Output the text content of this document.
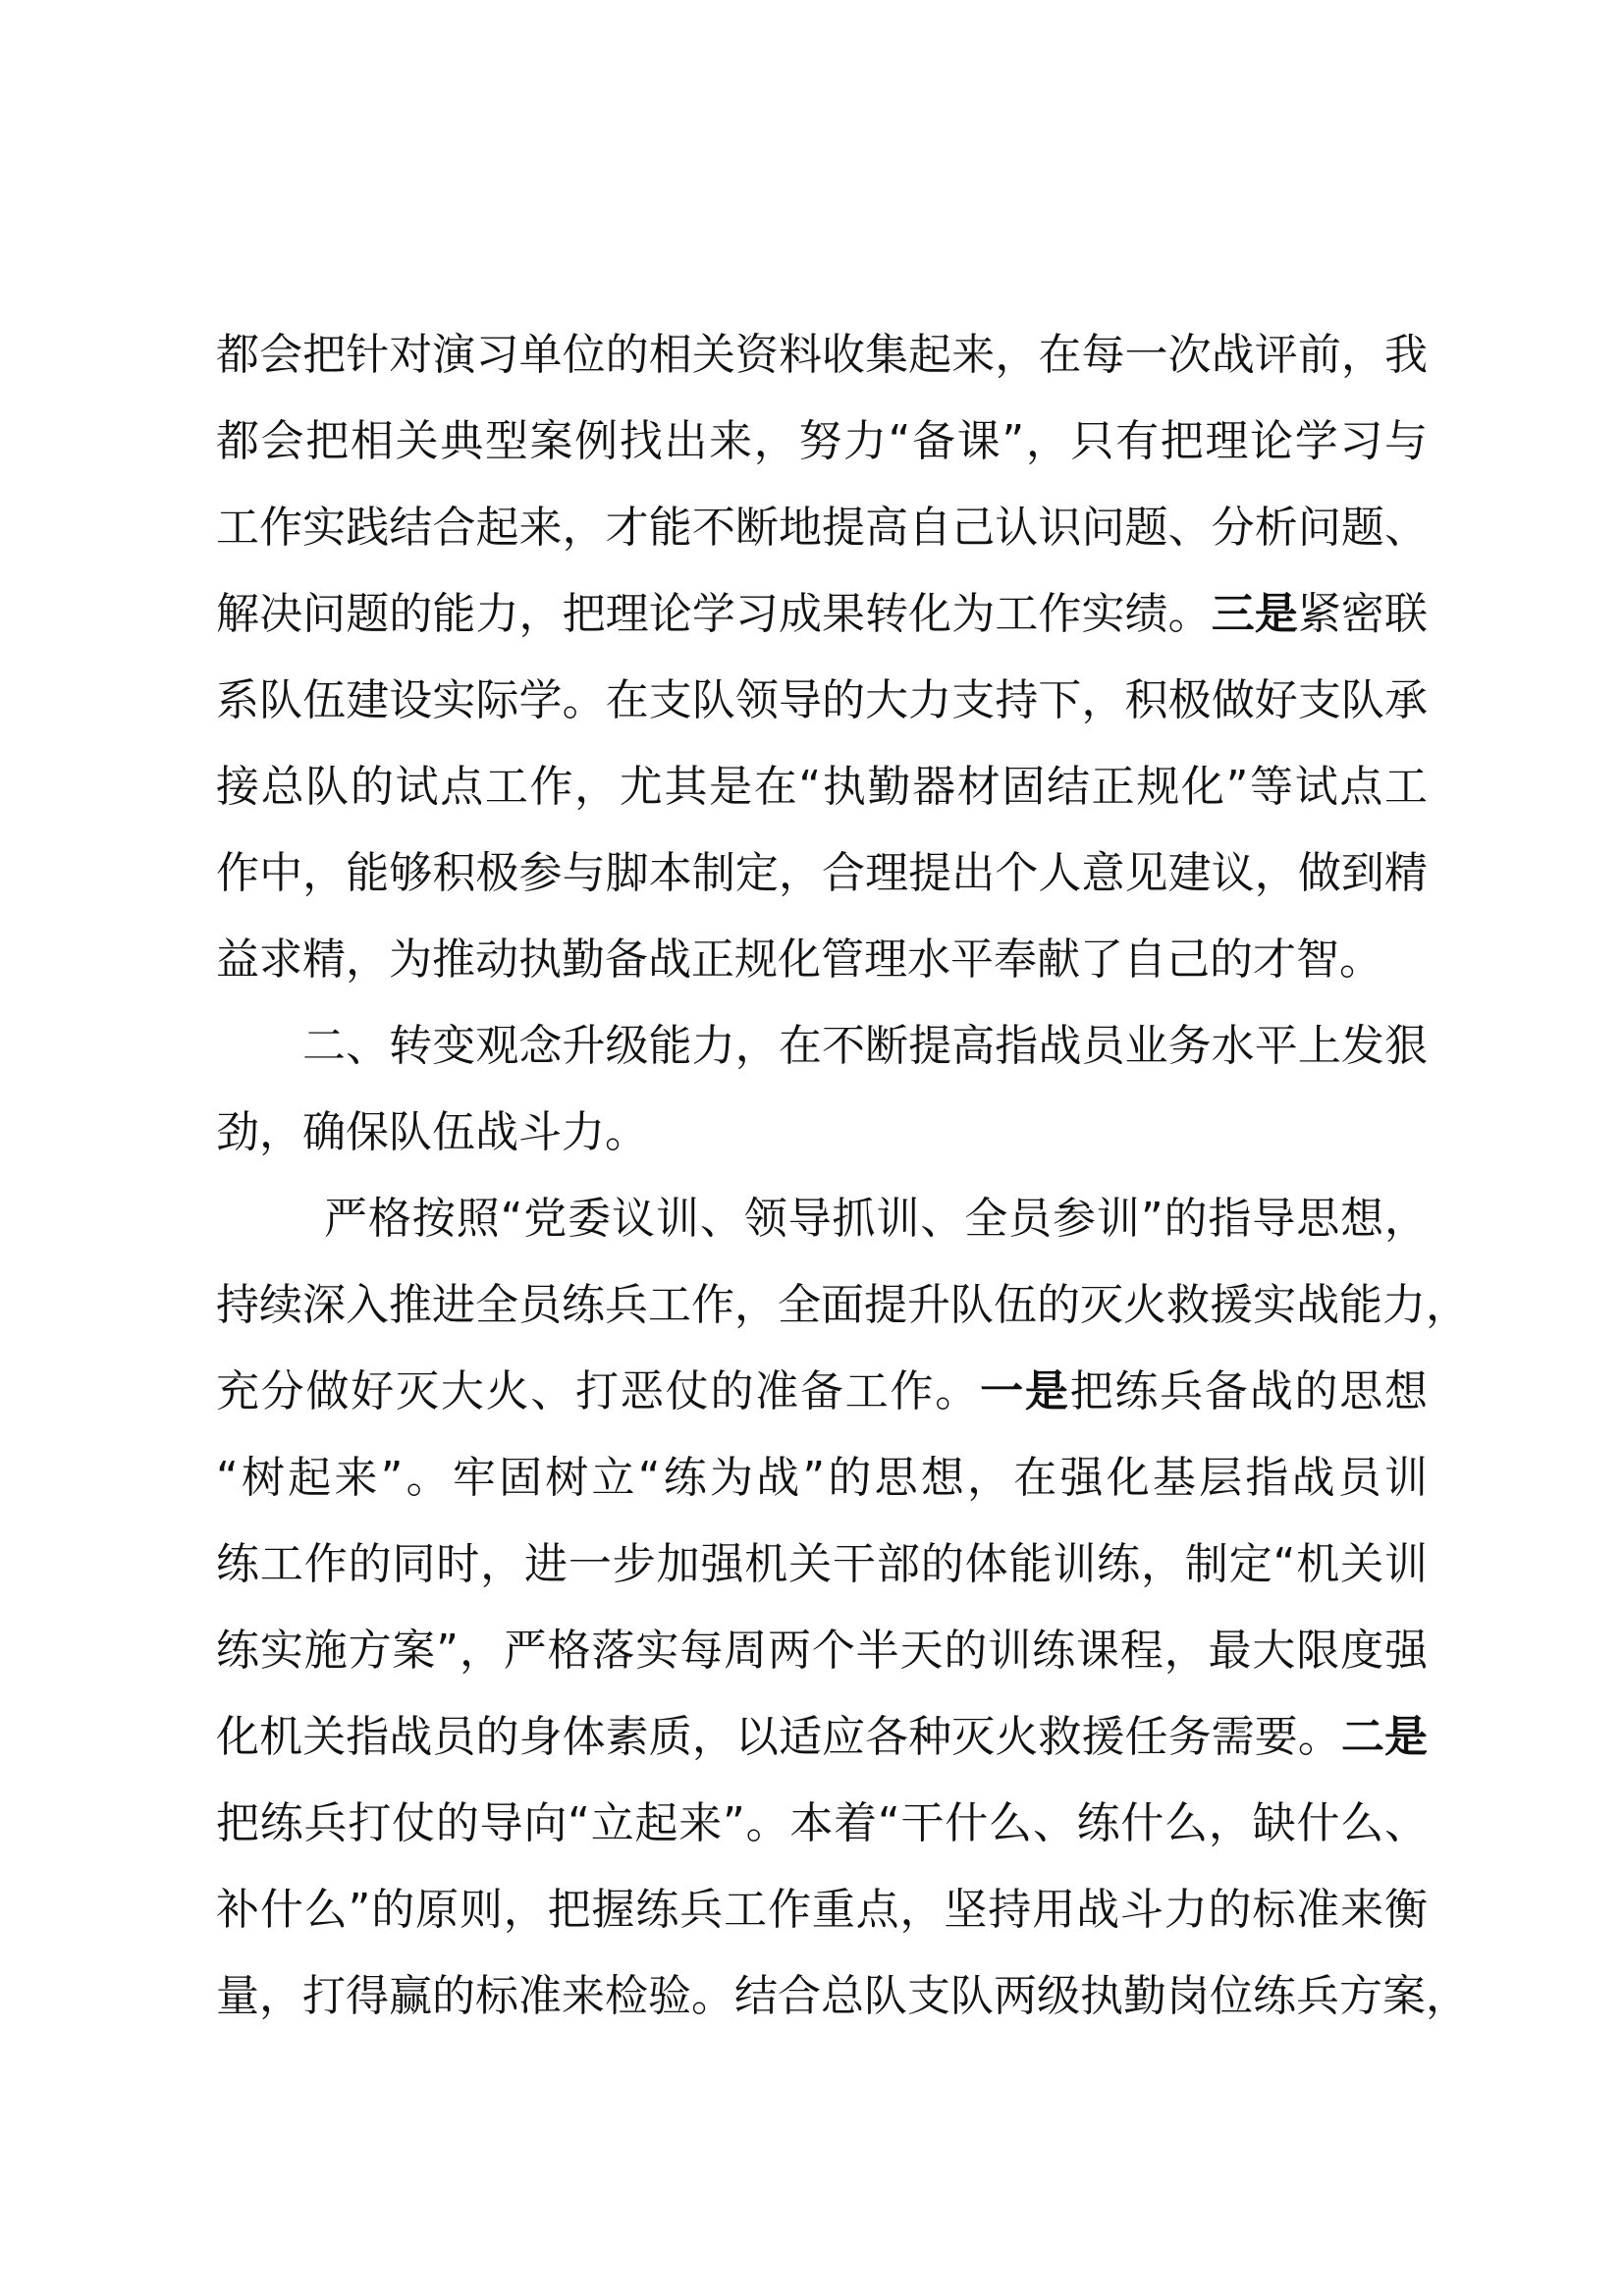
都会把针对演习单位的相关资料收集起来，在每一次战评前，我
都会把相关典型案例找出来，努力“备课”，只有把理论学习与
工作实践结合起来，才能不断地提高自己认识问题、分析问题、
解决问题的能力，把理论学习成果转化为工作实绩。三是紧密联
系队伍建设实际学。在支队领导的大力支持下，积极做好支队承
接总队的试点工作，尤其是在“执勤器材固结正规化”等试点工
作中，能够积极参与脚本制定，合理提出个人意见建议，做到精
益求精，为推动执勤备战正规化管理水平奉献了自己的才智。
二、转变观念升级能力，在不断提高指战员业务水平上发狠
劲，确保队伍战斗力。
严格按照“党委议训、领导抓训、全员参训”的指导思想，
持续深入推进全员练兵工作，全面提升队伍的灭火救援实战能力，
充分做好灭大火、打恶仗的准备工作。一是把练兵备战的思想
“树起来”。牢固树立“练为战”的思想，在强化基层指战员训
练工作的同时，进一步加强机关干部的体能训练，制定“机关训
练实施方案”，严格落实每周两个半天的训练课程，最大限度强
化机关指战员的身体素质，以适应各种灭火救援任务需要。二是
把练兵打仗的导向“立起来”。本着“干什么、练什么，缺什么、
补什么”的原则，把握练兵工作重点，坚持用战斗力的标准来衡
量，打得赢的标准来检验。结合总队支队两级执勤岗位练兵方案，
